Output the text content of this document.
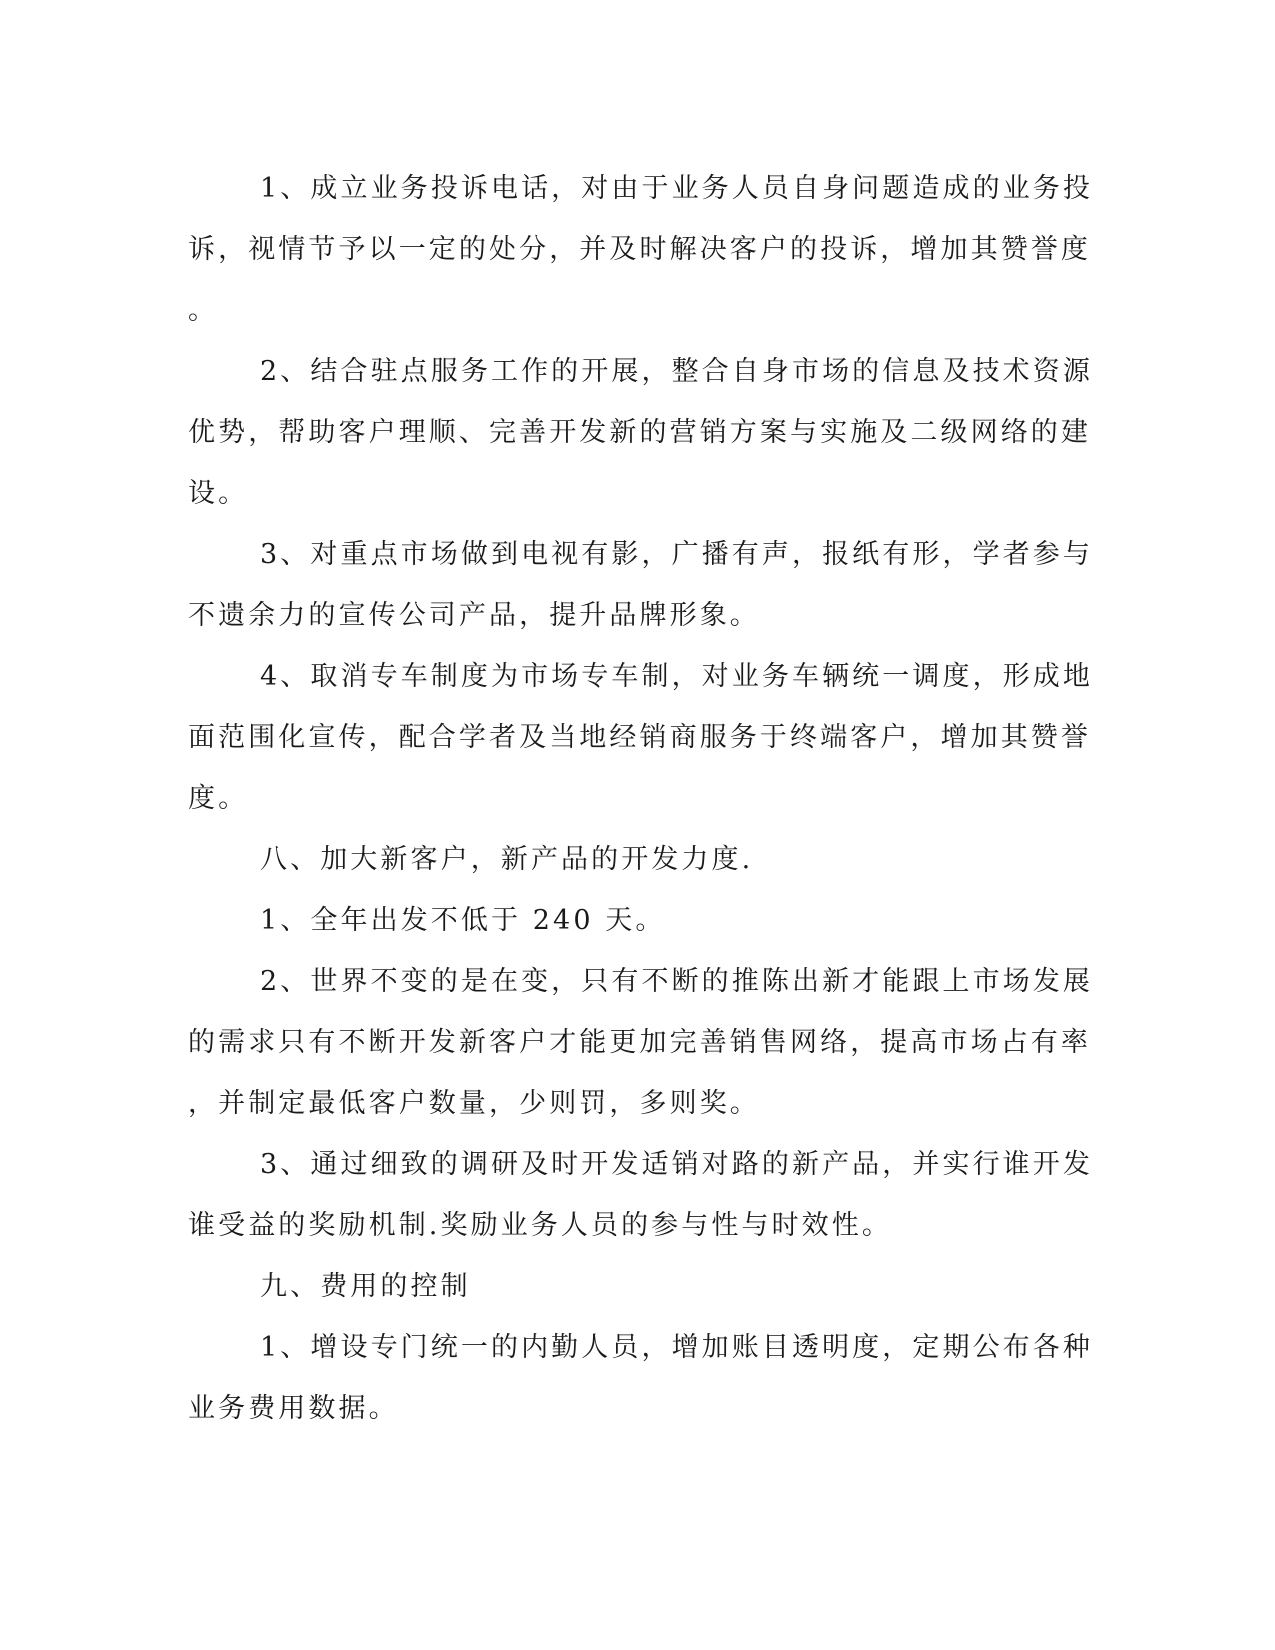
1、成立业务投诉电话，对由于业务人员自身问题造成的业务投
诉，视情节予以一定的处分，并及时解决客户的投诉，增加其赞誉度
。
2、结合驻点服务工作的开展，整合自身市场的信息及技术资源
优势，帮助客户理顺、完善开发新的营销方案与实施及二级网络的建
设。
3、对重点市场做到电视有影，广播有声，报纸有形，学者参与
不遗余力的宣传公司产品，提升品牌形象。
4、取消专车制度为市场专车制，对业务车辆统一调度，形成地
面范围化宣传，配合学者及当地经销商服务于终端客户，增加其赞誉
度。
八、加大新客户，新产品的开发力度.
1、全年出发不低于 240 天。
2、世界不变的是在变，只有不断的推陈出新才能跟上市场发展
的需求只有不断开发新客户才能更加完善销售网络，提高市场占有率
，并制定最低客户数量，少则罚，多则奖。
3、通过细致的调研及时开发适销对路的新产品，并实行谁开发
谁受益的奖励机制.奖励业务人员的参与性与时效性。
九、费用的控制
1、增设专门统一的内勤人员，增加账目透明度，定期公布各种
业务费用数据。
